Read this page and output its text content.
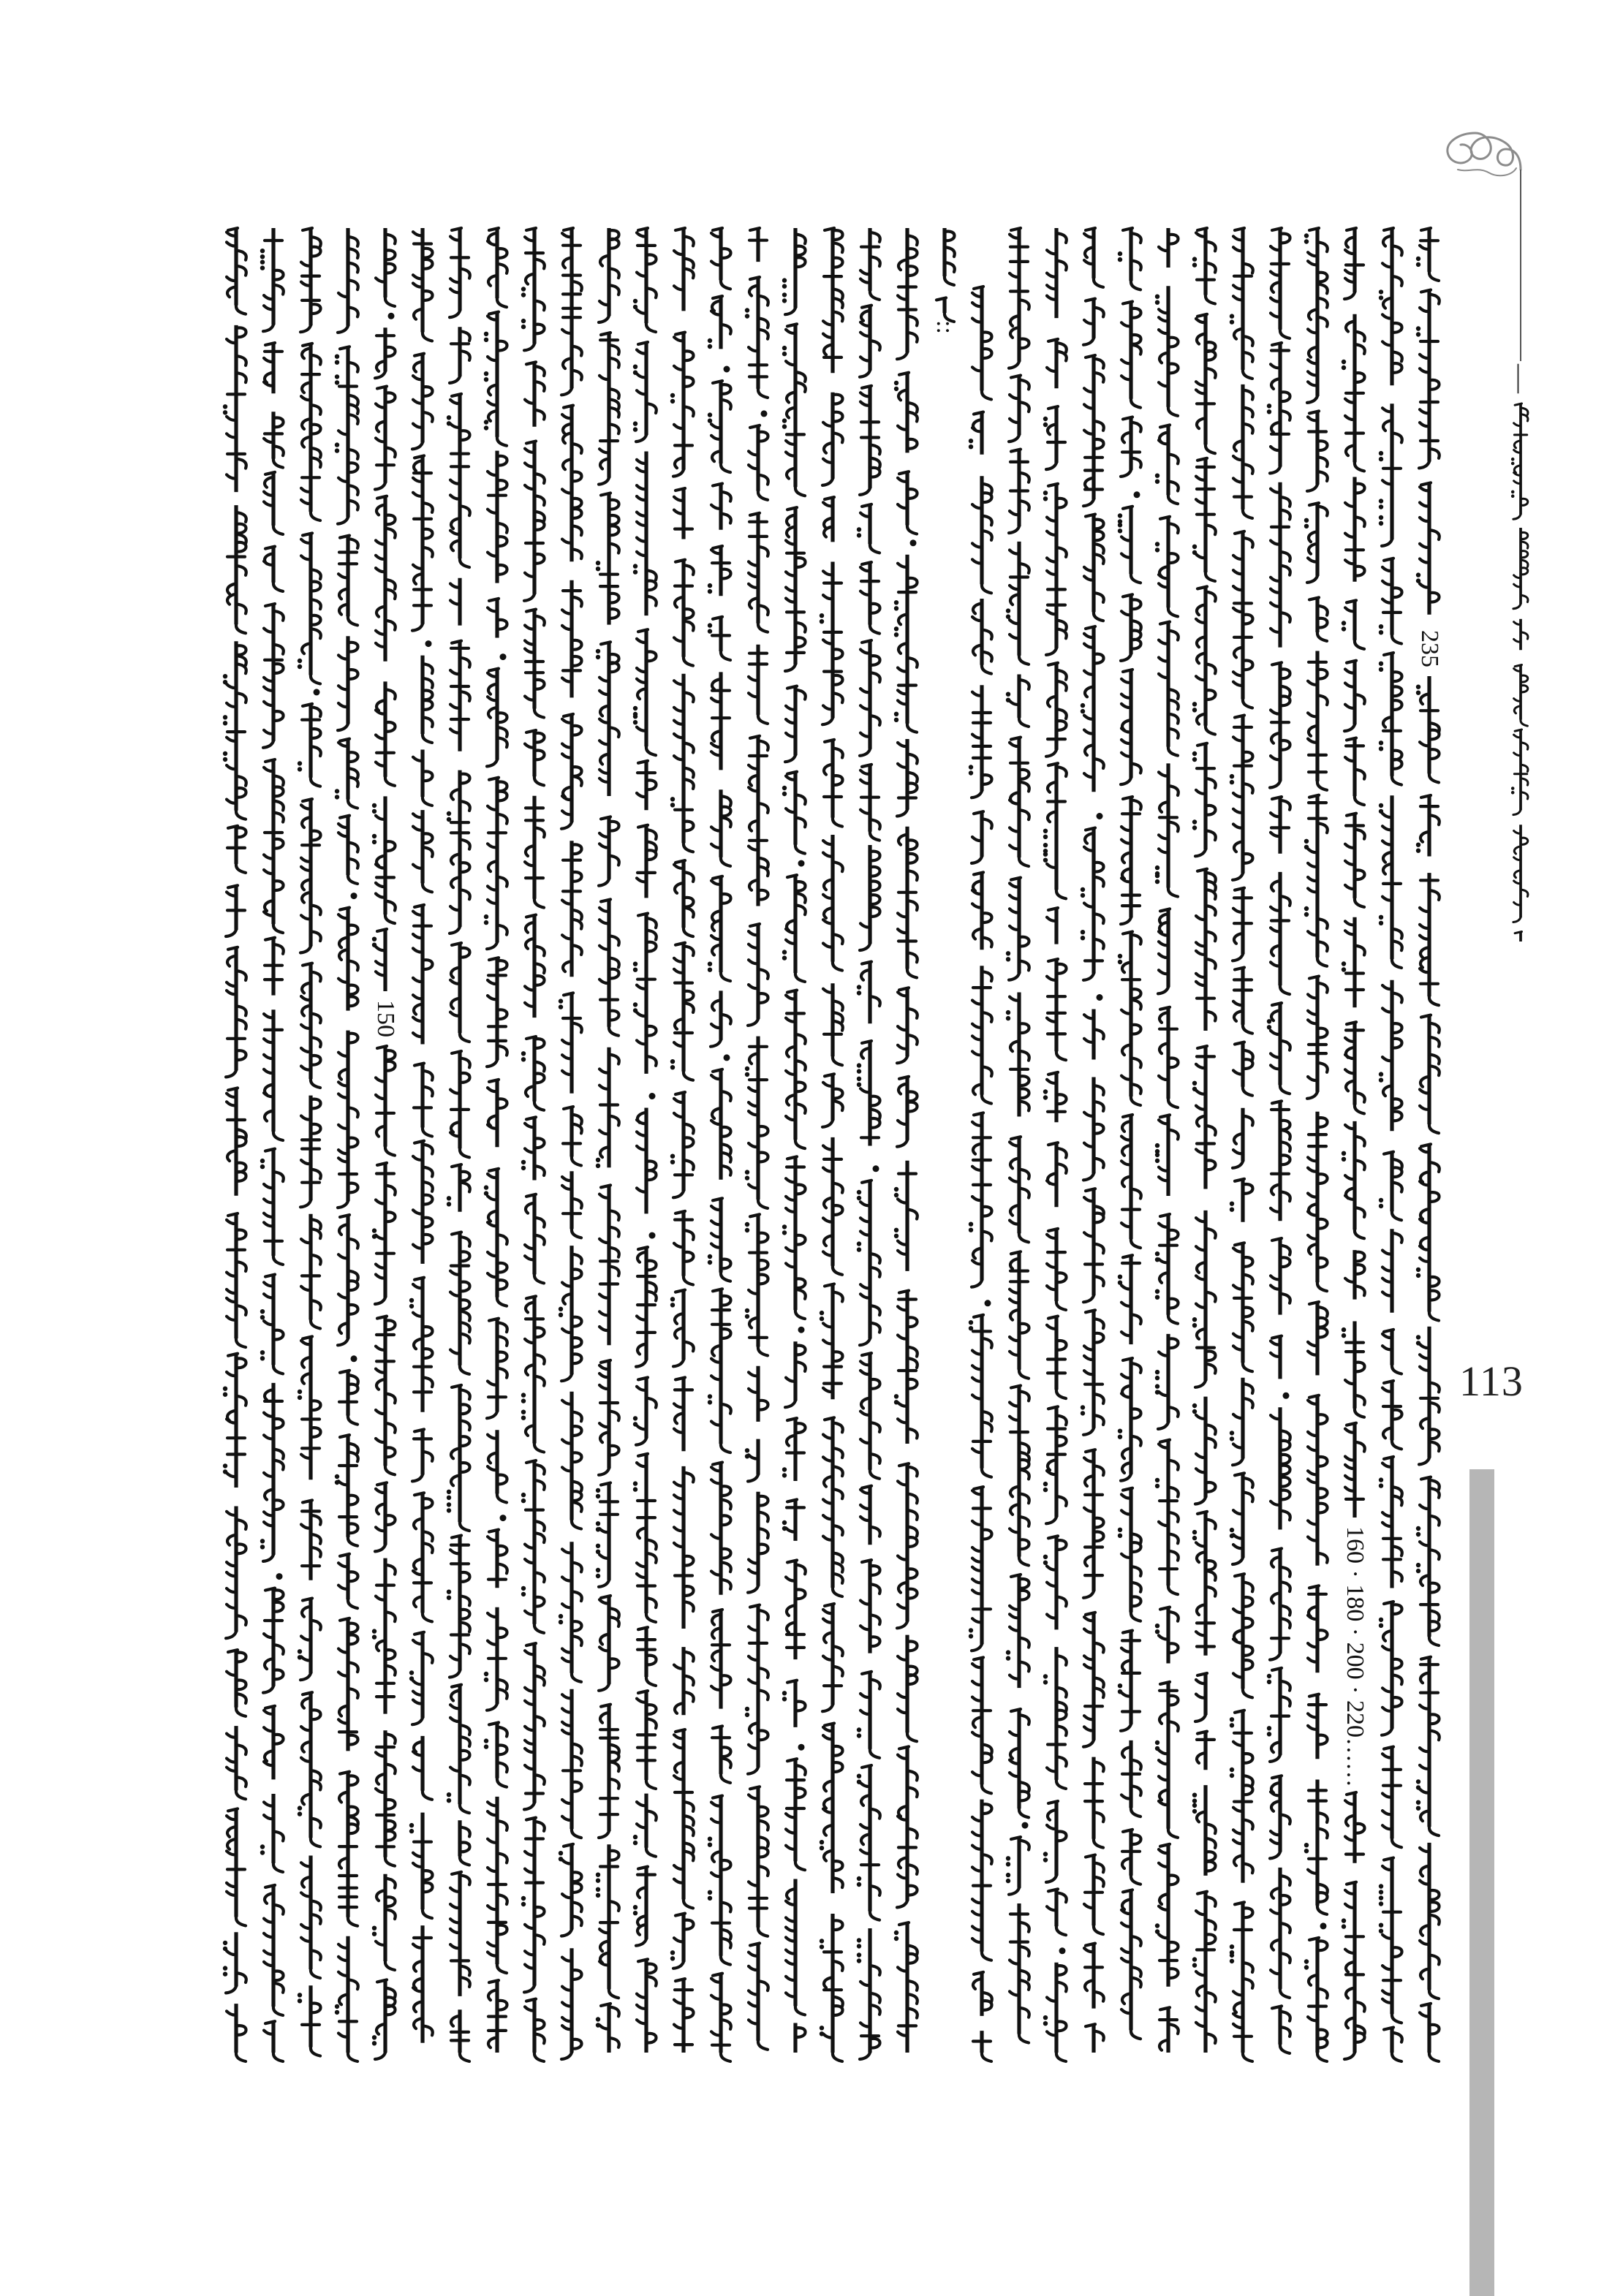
—
235
160 · 180 · 200 · 220……
150
::
113
